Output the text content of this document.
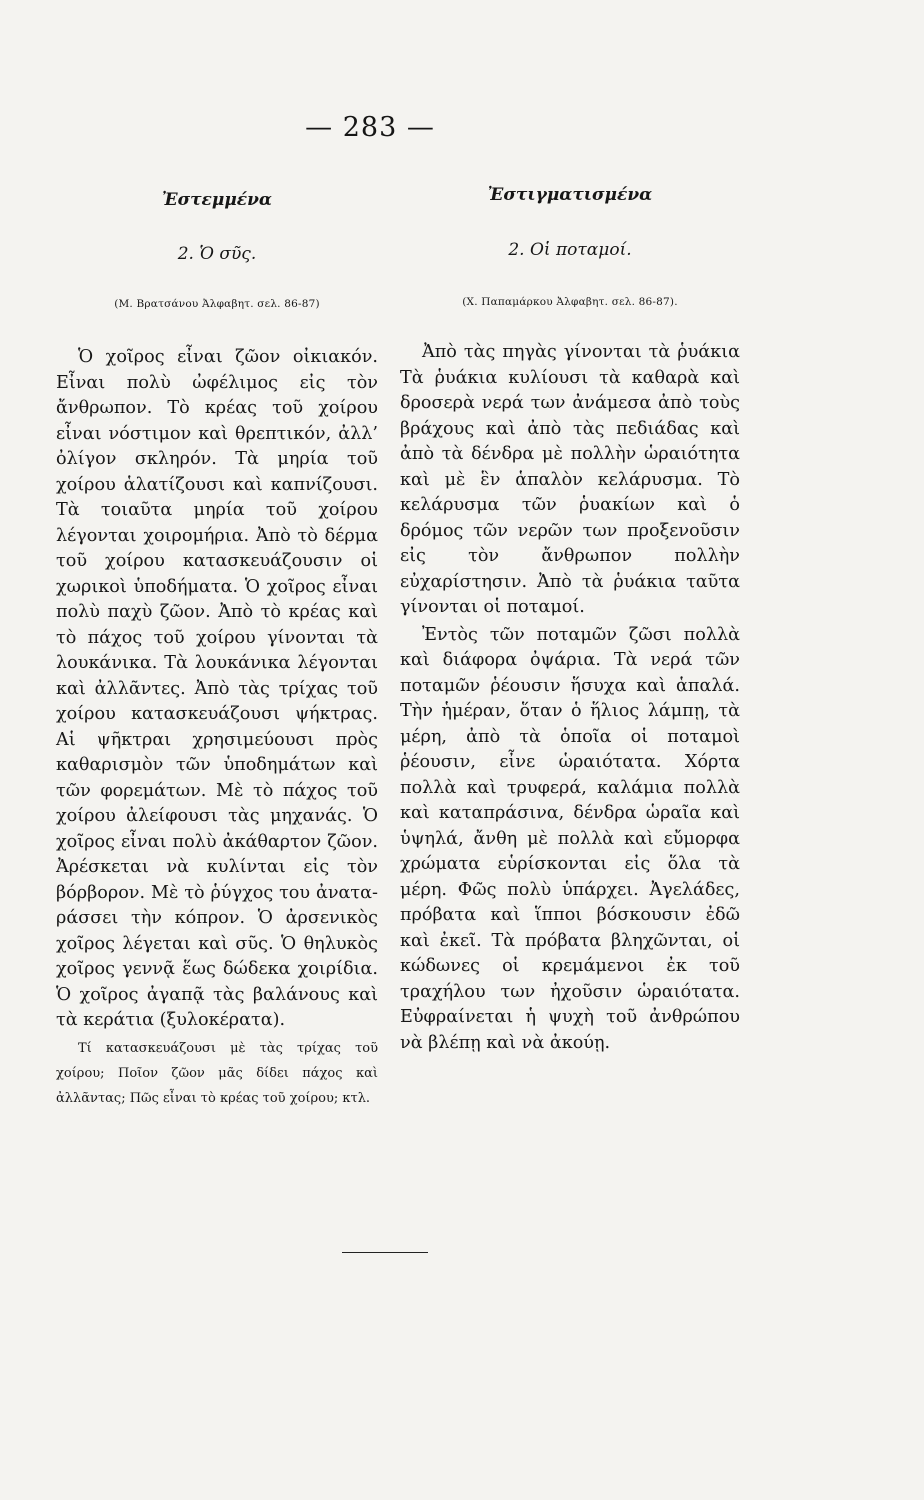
— 283 —
Ἐστεμμένα
2. Ὁ σῦς.
(Μ. Βρατσάνου Ἀλφαβητ. σελ. 86-87)

Ὁ χοῖρος εἶναι ζῶον οἰκιακόν. Εἶναι πολὺ ὠφέλιμος εἰς τὸν ἄνθρωπον. Τὸ κρέας τοῦ χοίρου εἶναι νόστιμον καὶ θρεπτικόν, ἀλλ’ ὀλίγον σκληρόν. Τὰ μηρία τοῦ χοίρου ἁλατίζουσι καὶ καπνίζουσι. Τὰ τοιαῦτα μηρία τοῦ χοίρου λέγονται χοιρομήρια. Ἀπὸ τὸ δέρμα τοῦ χοίρου κατασκευάζουσιν οἱ χωρικοὶ ὑποδήματα. Ὁ χοῖρος εἶναι πολὺ παχὺ ζῶον. Ἀπὸ τὸ κρέας καὶ τὸ πάχος τοῦ χοίρου γίνονται τὰ λουκάνικα. Τὰ λουκάνικα λέγονται καὶ ἀλλᾶντες. Ἀπὸ τὰς τρίχας τοῦ χοίρου κατασκευάζουσι ψήκτρας. Αἱ ψῆκτραι χρησιμεύουσι πρὸς καθαρισμὸν τῶν ὑποδημάτων καὶ τῶν φορεμάτων. Μὲ τὸ πάχος τοῦ χοίρου ἀλείφουσι τὰς μηχανάς. Ὁ χοῖρος εἶναι πολὺ ἀκάθαρτον ζῶον. Ἀρέσκεται νὰ κυλίνται εἰς τὸν βόρβορον. Μὲ τὸ ῥύγχος του ἀναταράσσει τὴν κόπρον. Ὁ ἀρσενικὸς χοῖρος λέγεται καὶ σῦς. Ὁ θηλυκὸς χοῖρος γεννᾷ ἕως δώδεκα χοιρίδια. Ὁ χοῖρος ἀγαπᾷ τὰς βαλάνους καὶ τὰ κεράτια (ξυλοκέρατα).

Τί κατασκευάζουσι μὲ τὰς τρίχας τοῦ χοίρου; Ποῖον ζῶον μᾶς δίδει πάχος καὶ ἀλλᾶντας; Πῶς εἶναι τὸ κρέας τοῦ χοίρου; κτλ.

Ἐστιγματισμένα
2. Οἱ ποταμοί.
(Χ. Παπαμάρκου Ἀλφαβητ. σελ. 86-87).

Ἀπὸ τὰς πηγὰς γίνονται τὰ ῥυάκια Τὰ ῥυάκια κυλίουσι τὰ καθαρὰ καὶ δροσερὰ νερά των ἀνάμεσα ἀπὸ τοὺς βράχους καὶ ἀπὸ τὰς πεδιάδας καὶ ἀπὸ τὰ δένδρα μὲ πολλὴν ὡραιότητα καὶ μὲ ἓν ἁπαλὸν κελάρυσμα. Τὸ κελάρυσμα τῶν ῥυακίων καὶ ὁ δρόμος τῶν νερῶν των προξενοῦσιν εἰς τὸν ἄνθρωπον πολλὴν εὐχαρίστησιν. Ἀπὸ τὰ ῥυάκια ταῦτα γίνονται οἱ ποταμοί.

Ἐντὸς τῶν ποταμῶν ζῶσι πολλὰ καὶ διάφορα ὀψάρια. Τὰ νερά τῶν ποταμῶν ῥέουσιν ἥσυχα καὶ ἁπαλά. Τὴν ἡμέραν, ὅταν ὁ ἥλιος λάμπῃ, τὰ μέρη, ἀπὸ τὰ ὁποῖα οἱ ποταμοὶ ῥέουσιν, εἶνε ὡραιότατα. Χόρτα πολλὰ καὶ τρυφερά, καλάμια πολλὰ καὶ καταπράσινα, δένδρα ὡραῖα καὶ ὑψηλά, ἄνθη μὲ πολλὰ καὶ εὔμορφα χρώματα εὑρίσκονται εἰς ὅλα τὰ μέρη. Φῶς πολὺ ὑπάρχει. Ἀγελάδες, πρόβατα καὶ ἵπποι βόσκουσιν ἐδῶ καὶ ἐκεῖ. Τὰ πρόβατα βληχῶνται, οἱ κώδωνες οἱ κρεμάμενοι ἐκ τοῦ τραχήλου των ἠχοῦσιν ὡραιότατα. Εὐφραίνεται ἡ ψυχὴ τοῦ ἀνθρώπου νὰ βλέπῃ καὶ νὰ ἀκούῃ.
